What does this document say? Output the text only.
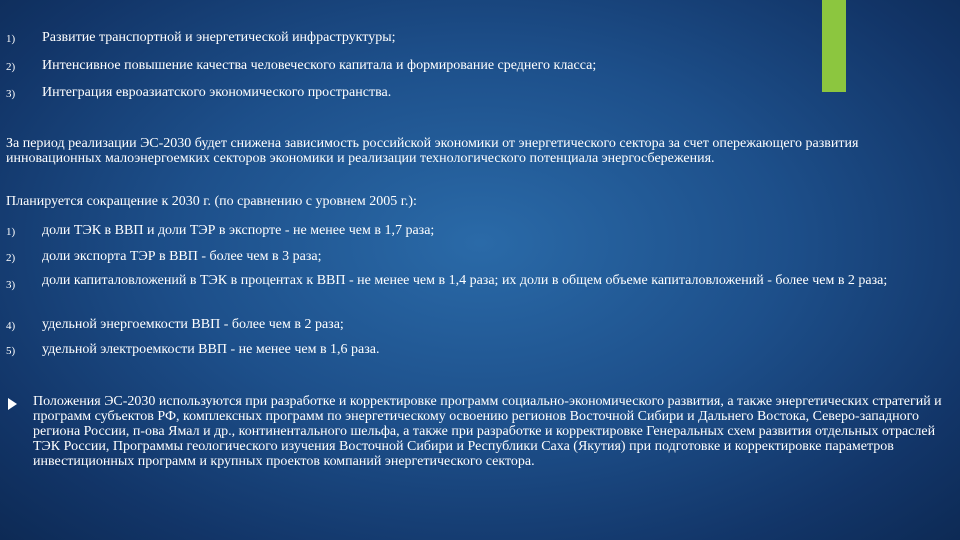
1) Развитие транспортной и энергетической инфраструктуры;
2) Интенсивное повышение качества человеческого капитала и формирование среднего класса;
3) Интеграция евроазиатского экономического пространства.
За период реализации ЭС-2030 будет снижена зависимость российской экономики от энергетического сектора за счет опережающего развития инновационных малоэнергоемких секторов экономики и реализации технологического потенциала энергосбережения.
Планируется сокращение к 2030 г. (по сравнению с уровнем 2005 г.):
1) доли ТЭК в ВВП и доли ТЭР в экспорте - не менее чем в 1,7 раза;
2) доли экспорта ТЭР в ВВП - более чем в 3 раза;
3) доли капиталовложений в ТЭК в процентах к ВВП - не менее чем в 1,4 раза; их доли в общем объеме капиталовложений - более чем в 2 раза;
4) удельной энергоемкости ВВП - более чем в 2 раза;
5) удельной электроемкости ВВП - не менее чем в 1,6 раза.
Положения ЭС-2030 используются при разработке и корректировке программ социально-экономического развития, а также энергетических стратегий и программ субъектов РФ, комплексных программ по энергетическому освоению регионов Восточной Сибири и Дальнего Востока, Северо-западного региона России, п-ова Ямал и др., континентального шельфа, а также при разработке и корректировке Генеральных схем развития отдельных отраслей ТЭК России, Программы геологического изучения Восточной Сибири и Республики Саха (Якутия) при подготовке и корректировке параметров инвестиционных программ и крупных проектов компаний энергетического сектора.
